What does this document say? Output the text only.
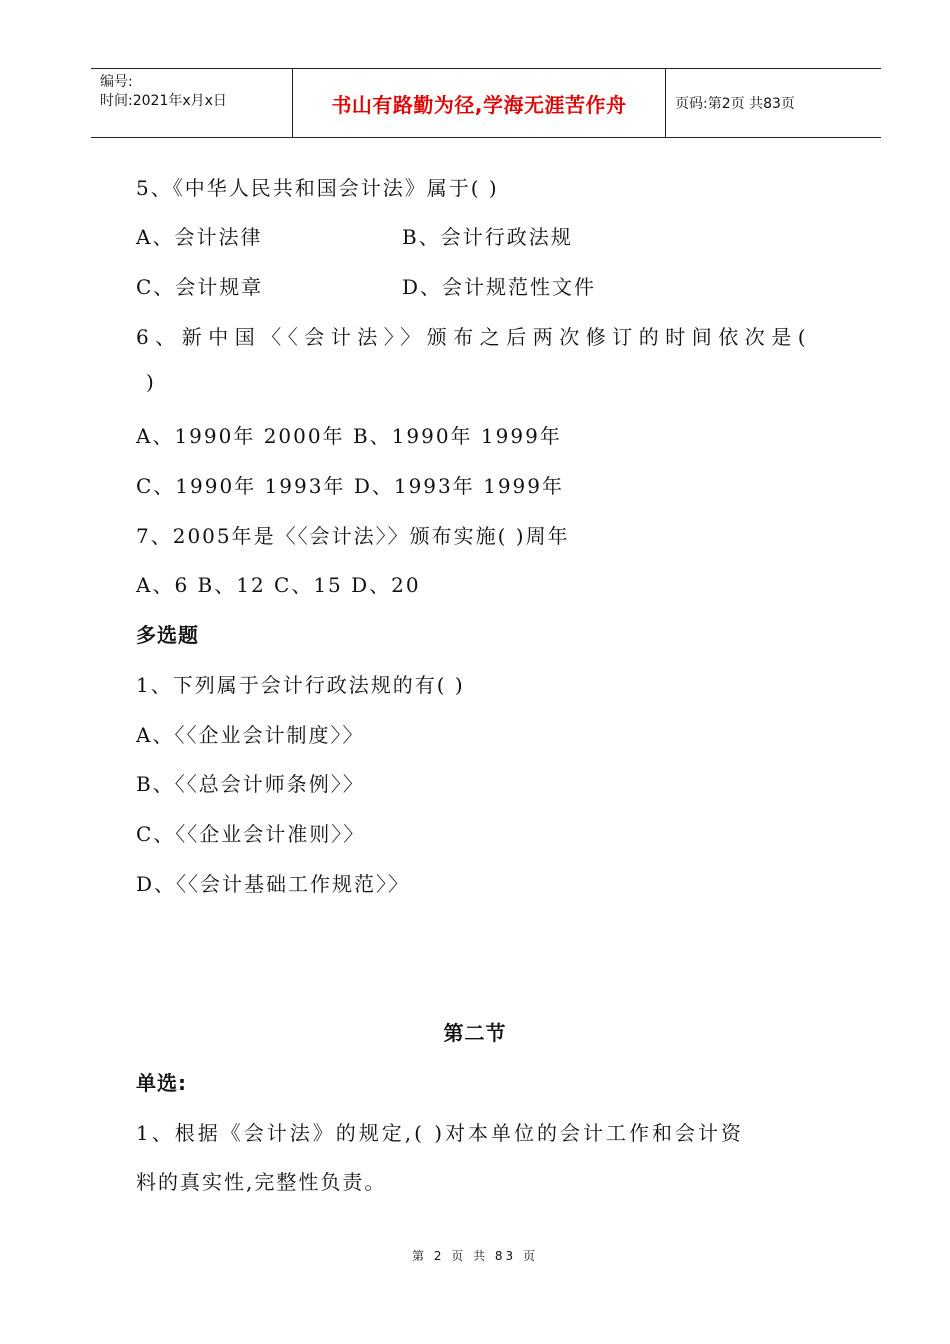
编号:
时间:2021年x月x日	书山有路勤为径,学海无涯苦作舟	页码:第2页 共83页
5、《中华人民共和国会计法》属于( )
A、会计法律	B、会计行政法规
C、会计规章	D、会计规范性文件
6、新中国〈〈会计法〉〉颁布之后两次修订的时间依次是(
)
A、1990年 2000年 B、1990年 1999年
C、1990年 1993年 D、1993年 1999年
7、2005年是〈〈会计法〉〉颁布实施( )周年
A、6 B、12 C、15 D、20
多选题
1、下列属于会计行政法规的有( )
A、〈〈企业会计制度〉〉
B、〈〈总会计师条例〉〉
C、〈〈企业会计准则〉〉
D、〈〈会计基础工作规范〉〉
第二节
单选:
1、根据《会计法》的规定,( )对本单位的会计工作和会计资
料的真实性,完整性负责。
第 2 页 共 83 页
